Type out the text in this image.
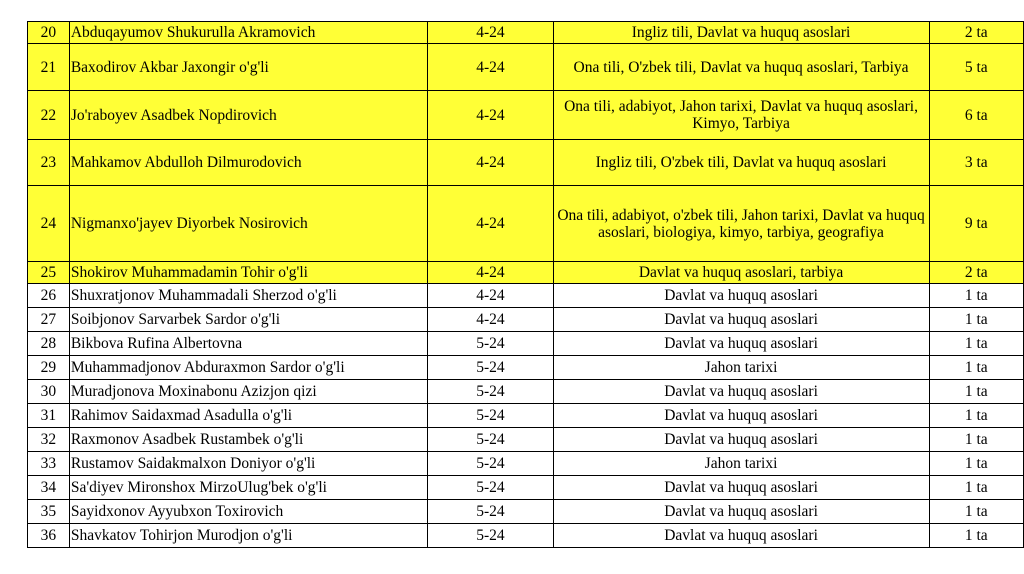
20	Abduqayumov Shukurulla Akramovich	4-24	Ingliz tili, Davlat va huquq asoslari	2 ta
21	Baxodirov Akbar Jaxongir o'g'li	4-24	Ona tili, O'zbek tili, Davlat va huquq asoslari, Tarbiya	5 ta
22	Jo'raboyev Asadbek Nopdirovich	4-24	Ona tili, adabiyot, Jahon tarixi, Davlat va huquq asoslari, Kimyo, Tarbiya	6 ta
23	Mahkamov Abdulloh Dilmurodovich	4-24	Ingliz tili, O'zbek tili, Davlat va huquq asoslari	3 ta
24	Nigmanxo'jayev Diyorbek Nosirovich	4-24	Ona tili, adabiyot, o'zbek tili, Jahon tarixi, Davlat va huquq asoslari, biologiya, kimyo, tarbiya, geografiya	9 ta
25	Shokirov Muhammadamin Tohir o'g'li	4-24	Davlat va huquq asoslari, tarbiya	2 ta
26	Shuxratjonov Muhammadali Sherzod o'g'li	4-24	Davlat va huquq asoslari	1 ta
27	Soibjonov Sarvarbek Sardor o'g'li	4-24	Davlat va huquq asoslari	1 ta
28	Bikbova Rufina Albertovna	5-24	Davlat va huquq asoslari	1 ta
29	Muhammadjonov Abduraxmon Sardor o'g'li	5-24	Jahon tarixi	1 ta
30	Muradjonova Moxinabonu Azizjon qizi	5-24	Davlat va huquq asoslari	1 ta
31	Rahimov Saidaxmad Asadulla o'g'li	5-24	Davlat va huquq asoslari	1 ta
32	Raxmonov Asadbek Rustambek o'g'li	5-24	Davlat va huquq asoslari	1 ta
33	Rustamov Saidakmalxon Doniyor o'g'li	5-24	Jahon tarixi	1 ta
34	Sa'diyev Mironshox MirzoUlug'bek o'g'li	5-24	Davlat va huquq asoslari	1 ta
35	Sayidxonov Ayyubxon Toxirovich	5-24	Davlat va huquq asoslari	1 ta
36	Shavkatov Tohirjon Murodjon o'g'li	5-24	Davlat va huquq asoslari	1 ta
